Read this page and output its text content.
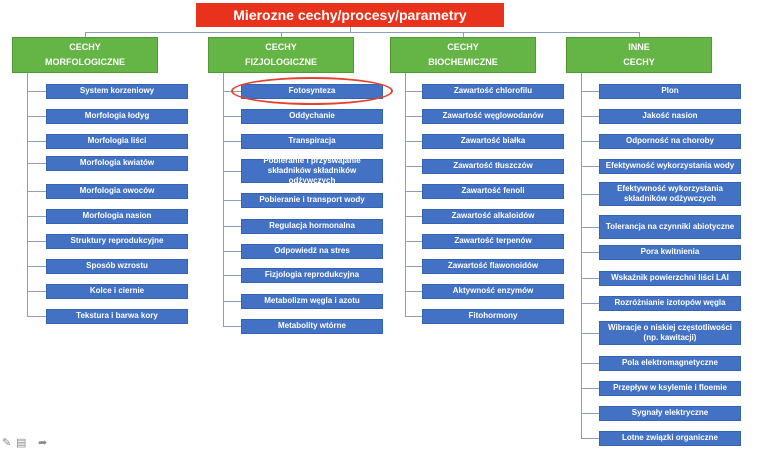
Mierozne cechy/procesy/parametry
CECHY
MORFOLOGICZNE
System korzeniowy
Morfologia łodyg
Morfologia liści
Morfologia kwiatów
Morfologia owoców
Morfologia nasion
Struktury reprodukcyjne
Sposób wzrostu
Kolce i ciernie
Tekstura i barwa kory
CECHY
FIZJOLOGICZNE
Fotosynteza
Oddychanie
Transpiracja
Pobieranie i przyswajanie składników składników odżywczych
Pobieranie i transport wody
Regulacja hormonalna
Odpowiedź na stres
Fizjologia reprodukcyjna
Metabolizm węgla i azotu
Metabolity wtórne
CECHY
BIOCHEMICZNE
Zawartość chlorofilu
Zawartość węglowodanów
Zawartość białka
Zawartość tłuszczów
Zawartość fenoli
Zawartość alkaloidów
Zawartość terpenów
Zawartość flawonoidów
Aktywność enzymów
Fitohormony
INNE
CECHY
Plon
Jakość nasion
Odporność na choroby
Efektywność wykorzystania wody
Efektywność wykorzystania składników odżywczych
Tolerancja na czynniki abiotyczne
Pora kwitnienia
Wskaźnik powierzchni liści LAI
Rozróżnianie izotopów węgla
Wibracje o niskiej częstotliwości (np. kawitacji)
Pola elektromagnetyczne
Przepływ w ksylemie i floemie
Sygnały elektryczne
Lotne związki organiczne
✎ ▤ ➦
